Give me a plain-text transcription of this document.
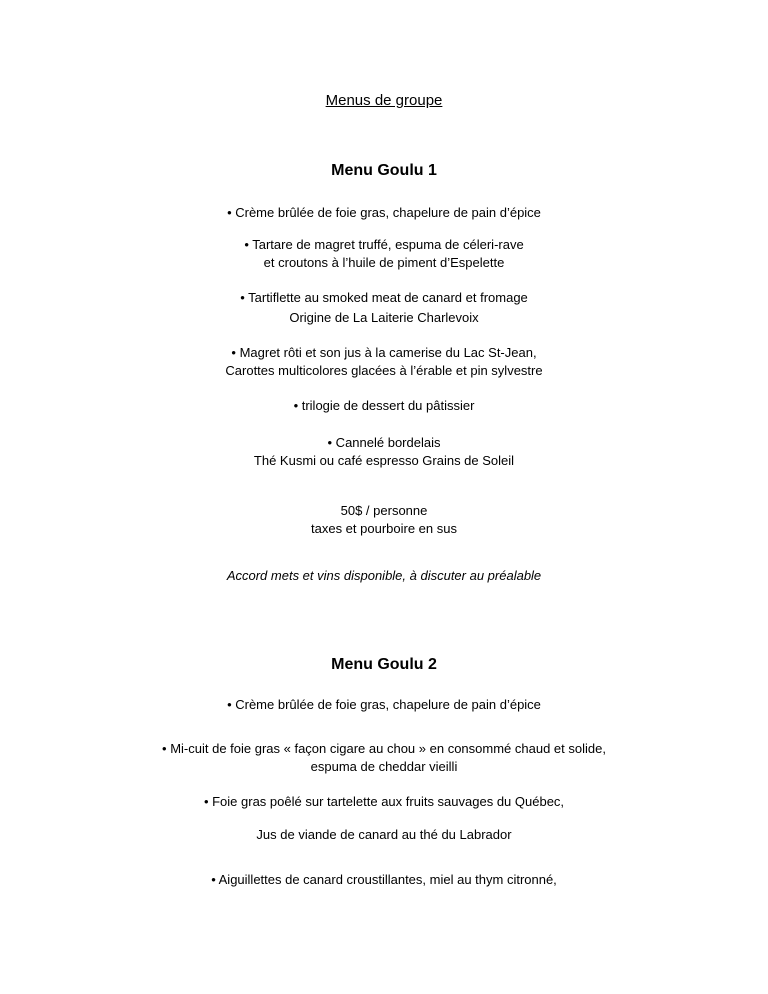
Menus de groupe
Menu Goulu 1
• Crème brûlée de foie gras, chapelure de pain d’épice
• Tartare de magret truffé, espuma de céleri-rave
et croutons à l’huile de piment d’Espelette
• Tartiflette au smoked meat de canard et fromage
Origine de La Laiterie Charlevoix
• Magret rôti et son jus à la camerise du Lac St-Jean,
Carottes multicolores glacées à l’érable et pin sylvestre
• trilogie de dessert du pâtissier
• Cannelé bordelais
Thé Kusmi ou café espresso Grains de Soleil
50$ / personne
taxes et pourboire en sus
Accord mets et vins disponible, à discuter au préalable
Menu Goulu 2
• Crème brûlée de foie gras, chapelure de pain d’épice
• Mi-cuit de foie gras « façon cigare au chou » en consommé chaud et solide,
espuma de cheddar vieilli
• Foie gras poêlé sur tartelette aux fruits sauvages du Québec,
Jus de viande de canard au thé du Labrador
• Aiguillettes de canard croustillantes, miel au thym citronné,
